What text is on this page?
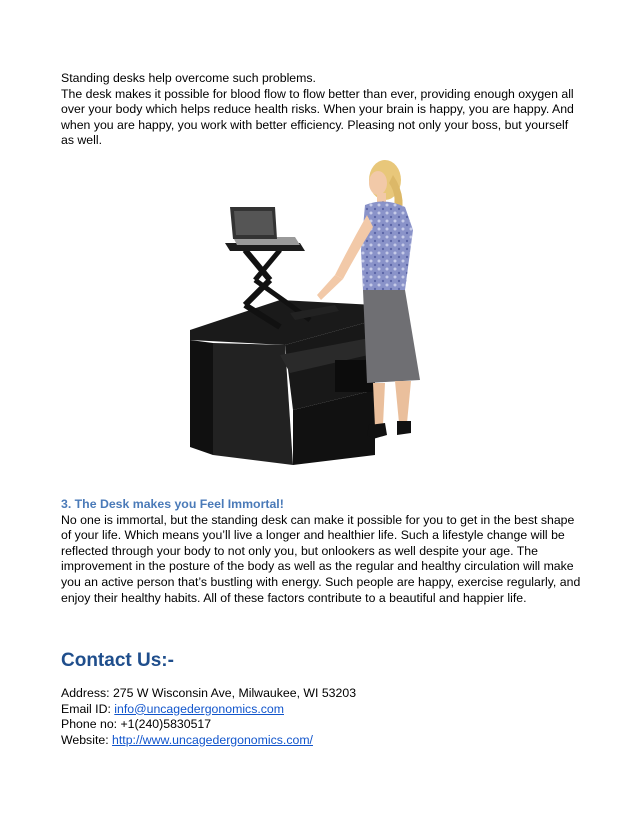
Standing desks help overcome such problems.

The desk makes it possible for blood flow to flow better than ever, providing enough oxygen all over your body which helps reduce health risks. When your brain is happy, you are happy. And when you are happy, you work with better efficiency. Pleasing not only your boss, but yourself as well.

3. The Desk makes you Feel Immortal!

No one is immortal, but the standing desk can make it possible for you to get in the best shape of your life. Which means you’ll live a longer and healthier life. Such a lifestyle change will be reflected through your body to not only you, but onlookers as well despite your age. The improvement in the posture of the body as well as the regular and healthy circulation will make you an active person that’s bustling with energy. Such people are happy, exercise regularly, and enjoy their healthy habits. All of these factors contribute to a beautiful and happier life.

Contact Us:-

Address: 275 W Wisconsin Ave, Milwaukee, WI 53203

Email ID: info@uncagedergonomics.com

Phone no: +1(240)5830517

Website: http://www.uncagedergonomics.com/
